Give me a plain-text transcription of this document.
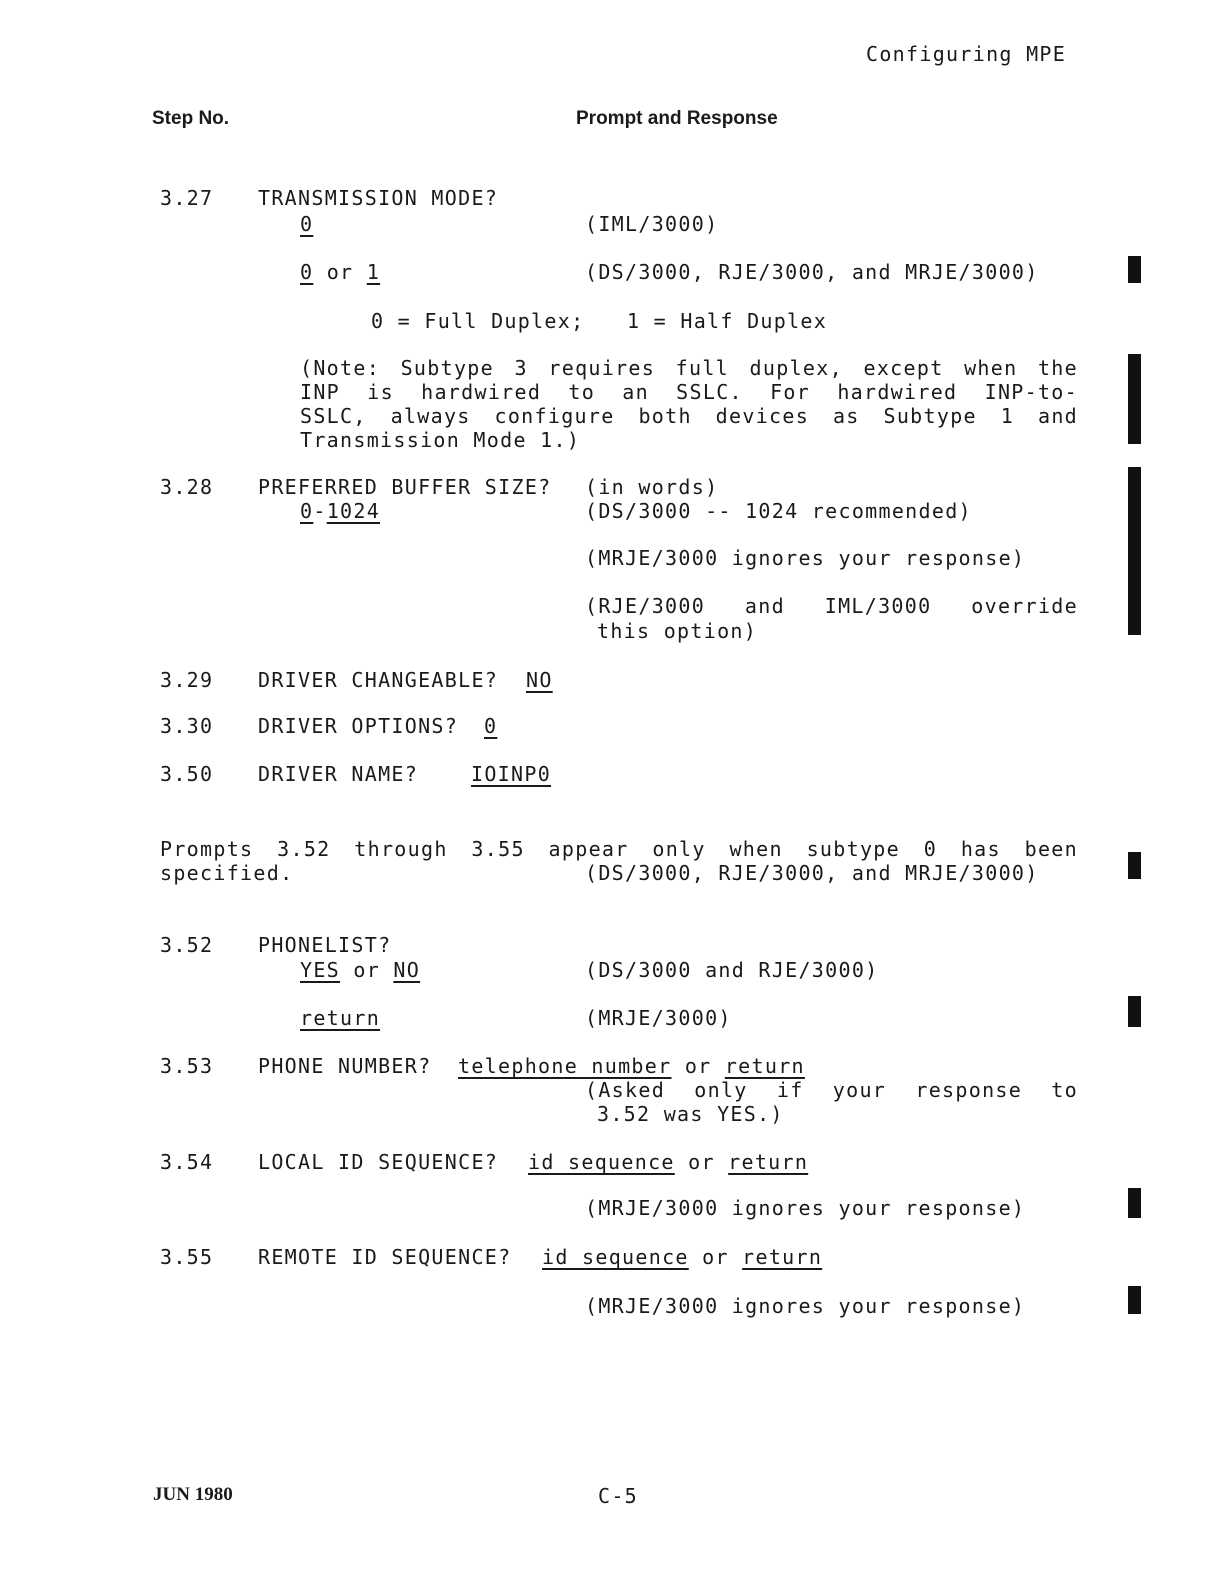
Configuring MPE
Step No.	Prompt and Response
3.27 TRANSMISSION MODE?
0	(IML/3000)
0 or 1	(DS/3000, RJE/3000, and MRJE/3000)
0 = Full Duplex; 1 = Half Duplex
(Note: Subtype 3 requires full duplex, except when the
INP is hardwired to an SSLC. For hardwired INP-to-
SSLC, always configure both devices as Subtype 1 and
Transmission Mode 1.)
3.28 PREFERRED BUFFER SIZE? (in words)
0-1024	(DS/3000 -- 1024 recommended)
(MRJE/3000 ignores your response)
(RJE/3000 and IML/3000 override
this option)
3.29 DRIVER CHANGEABLE? NO
3.30 DRIVER OPTIONS? 0
3.50 DRIVER NAME?	IOINP0
Prompts 3.52 through 3.55 appear only when subtype 0 has been
specified.	(DS/3000, RJE/3000, and MRJE/3000)
3.52 PHONELIST?
YES or NO	(DS/3000 and RJE/3000)
return	(MRJE/3000)
3.53 PHONE NUMBER? telephone number or return
(Asked only if your response to
3.52 was YES.)
3.54 LOCAL ID SEQUENCE? id sequence or return
(MRJE/3000 ignores your response)
3.55 REMOTE ID SEQUENCE? id sequence or return
(MRJE/3000 ignores your response)
JUN 1980	C-5
